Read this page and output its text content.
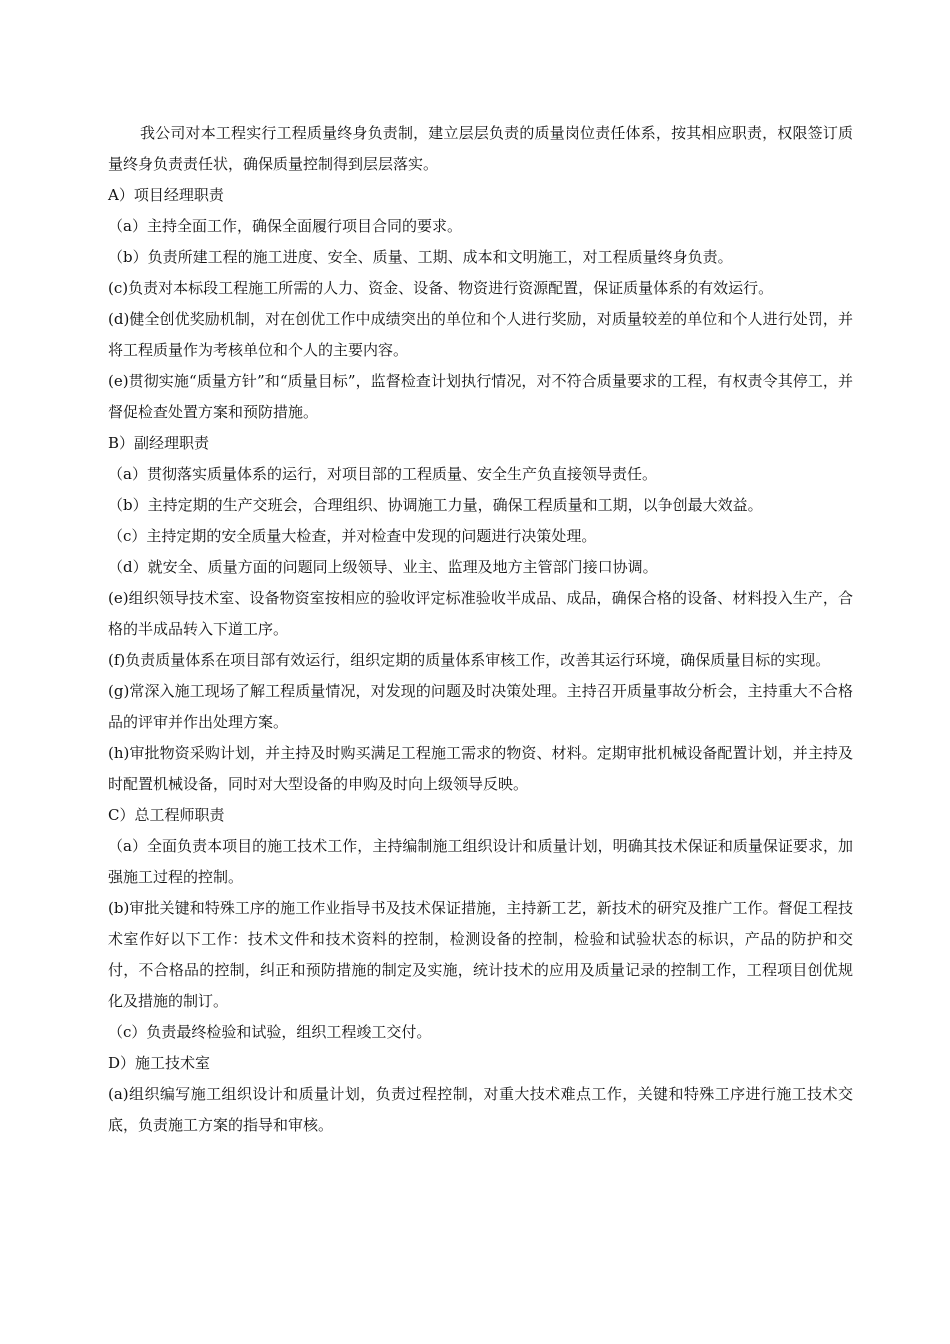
我公司对本工程实行工程质量终身负责制，建立层层负责的质量岗位责任体系，按其相应职责，权限签订质量终身负责责任状，确保质量控制得到层层落实。

A）项目经理职责

（a）主持全面工作，确保全面履行项目合同的要求。

（b）负责所建工程的施工进度、安全、质量、工期、成本和文明施工，对工程质量终身负责。

(c)负责对本标段工程施工所需的人力、资金、设备、物资进行资源配置，保证质量体系的有效运行。

(d)健全创优奖励机制，对在创优工作中成绩突出的单位和个人进行奖励，对质量较差的单位和个人进行处罚，并将工程质量作为考核单位和个人的主要内容。

(e)贯彻实施“质量方针”和“质量目标”，监督检查计划执行情况，对不符合质量要求的工程，有权责令其停工，并督促检查处置方案和预防措施。

B）副经理职责

（a）贯彻落实质量体系的运行，对项目部的工程质量、安全生产负直接领导责任。

（b）主持定期的生产交班会，合理组织、协调施工力量，确保工程质量和工期，以争创最大效益。

（c）主持定期的安全质量大检查，并对检查中发现的问题进行决策处理。

（d）就安全、质量方面的问题同上级领导、业主、监理及地方主管部门接口协调。

(e)组织领导技术室、设备物资室按相应的验收评定标准验收半成品、成品，确保合格的设备、材料投入生产，合格的半成品转入下道工序。

(f)负责质量体系在项目部有效运行，组织定期的质量体系审核工作，改善其运行环境，确保质量目标的实现。

(g)常深入施工现场了解工程质量情况，对发现的问题及时决策处理。主持召开质量事故分析会，主持重大不合格品的评审并作出处理方案。

(h)审批物资采购计划，并主持及时购买满足工程施工需求的物资、材料。定期审批机械设备配置计划，并主持及时配置机械设备，同时对大型设备的申购及时向上级领导反映。

C）总工程师职责

（a）全面负责本项目的施工技术工作，主持编制施工组织设计和质量计划，明确其技术保证和质量保证要求，加强施工过程的控制。

(b)审批关键和特殊工序的施工作业指导书及技术保证措施，主持新工艺，新技术的研究及推广工作。督促工程技术室作好以下工作：技术文件和技术资料的控制，检测设备的控制，检验和试验状态的标识，产品的防护和交付，不合格品的控制，纠正和预防措施的制定及实施，统计技术的应用及质量记录的控制工作，工程项目创优规化及措施的制订。

（c）负责最终检验和试验，组织工程竣工交付。

D）施工技术室

(a)组织编写施工组织设计和质量计划，负责过程控制，对重大技术难点工作，关键和特殊工序进行施工技术交底，负责施工方案的指导和审核。
